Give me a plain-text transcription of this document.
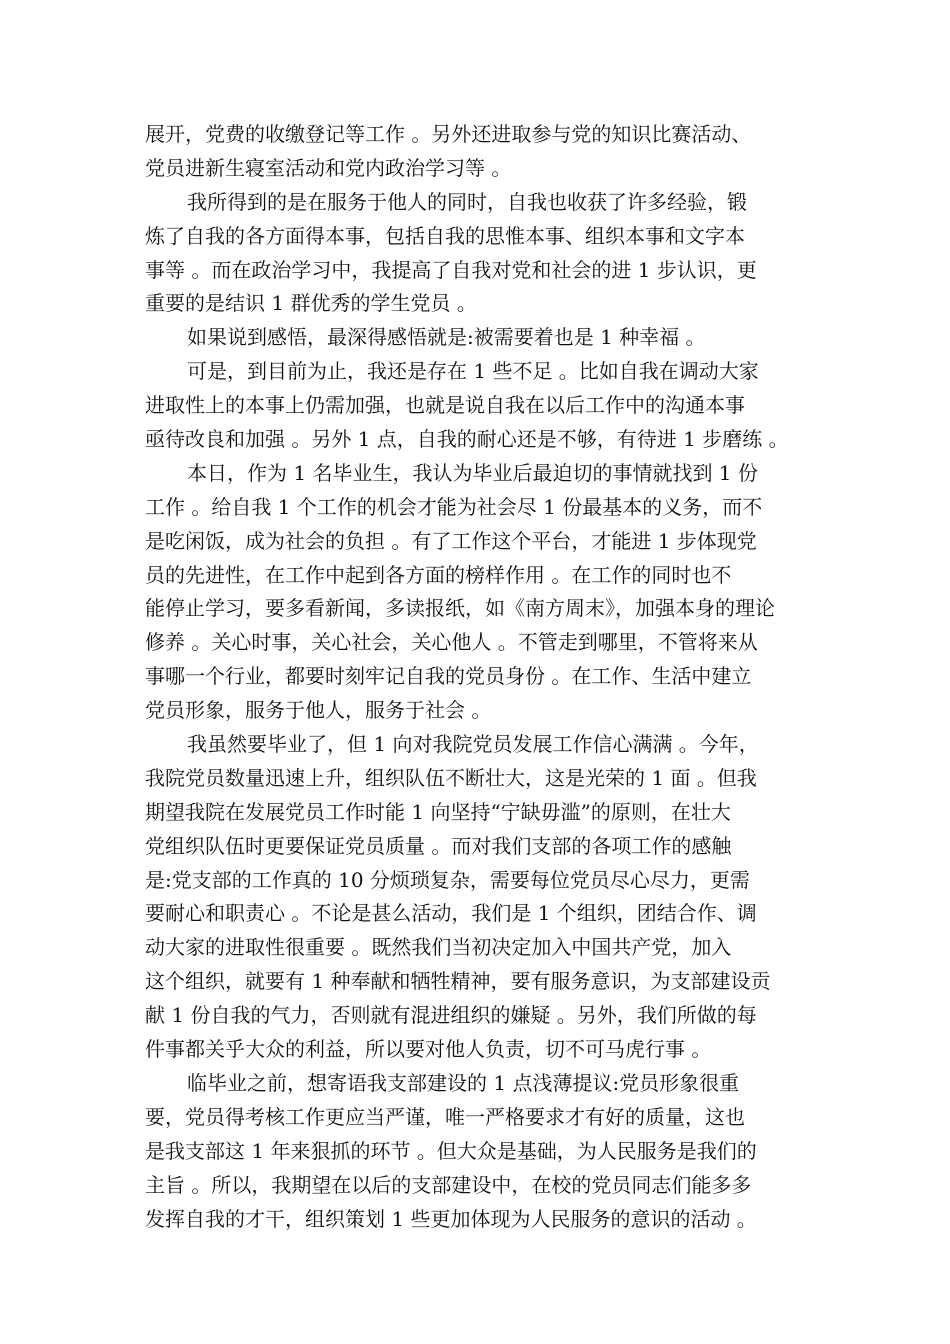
展开，党费的收缴登记等工作 。另外还进取参与党的知识比赛活动、
党员进新生寝室活动和党内政治学习等 。
我所得到的是在服务于他人的同时，自我也收获了许多经验，锻
炼了自我的各方面得本事，包括自我的思惟本事、组织本事和文字本
事等 。而在政治学习中，我提高了自我对党和社会的进 1 步认识，更
重要的是结识 1 群优秀的学生党员 。
如果说到感悟，最深得感悟就是:被需要着也是 1 种幸福 。
可是，到目前为止，我还是存在 1 些不足 。比如自我在调动大家
进取性上的本事上仍需加强，也就是说自我在以后工作中的沟通本事
亟待改良和加强 。另外 1 点，自我的耐心还是不够，有待进 1 步磨练 。
本日，作为 1 名毕业生，我认为毕业后最迫切的事情就找到 1 份
工作 。给自我 1 个工作的机会才能为社会尽 1 份最基本的义务，而不
是吃闲饭，成为社会的负担 。有了工作这个平台，才能进 1 步体现党
员的先进性，在工作中起到各方面的榜样作用 。在工作的同时也不
能停止学习，要多看新闻，多读报纸，如《南方周末》，加强本身的理论
修养 。关心时事，关心社会，关心他人 。不管走到哪里，不管将来从
事哪一个行业，都要时刻牢记自我的党员身份 。在工作、生活中建立
党员形象，服务于他人，服务于社会 。
我虽然要毕业了，但 1 向对我院党员发展工作信心满满 。今年，
我院党员数量迅速上升，组织队伍不断壮大，这是光荣的 1 面 。但我
期望我院在发展党员工作时能 1 向坚持“宁缺毋滥”的原则，在壮大
党组织队伍时更要保证党员质量 。而对我们支部的各项工作的感触
是:党支部的工作真的 10 分烦琐复杂，需要每位党员尽心尽力，更需
要耐心和职责心 。不论是甚么活动，我们是 1 个组织，团结合作、调
动大家的进取性很重要 。既然我们当初决定加入中国共产党，加入
这个组织，就要有 1 种奉献和牺牲精神，要有服务意识，为支部建设贡
献 1 份自我的气力，否则就有混进组织的嫌疑 。另外，我们所做的每
件事都关乎大众的利益，所以要对他人负责，切不可马虎行事 。
临毕业之前，想寄语我支部建设的 1 点浅薄提议:党员形象很重
要，党员得考核工作更应当严谨，唯一严格要求才有好的质量，这也
是我支部这 1 年来狠抓的环节 。但大众是基础，为人民服务是我们的
主旨 。所以，我期望在以后的支部建设中，在校的党员同志们能多多
发挥自我的才干，组织策划 1 些更加体现为人民服务的意识的活动 。
